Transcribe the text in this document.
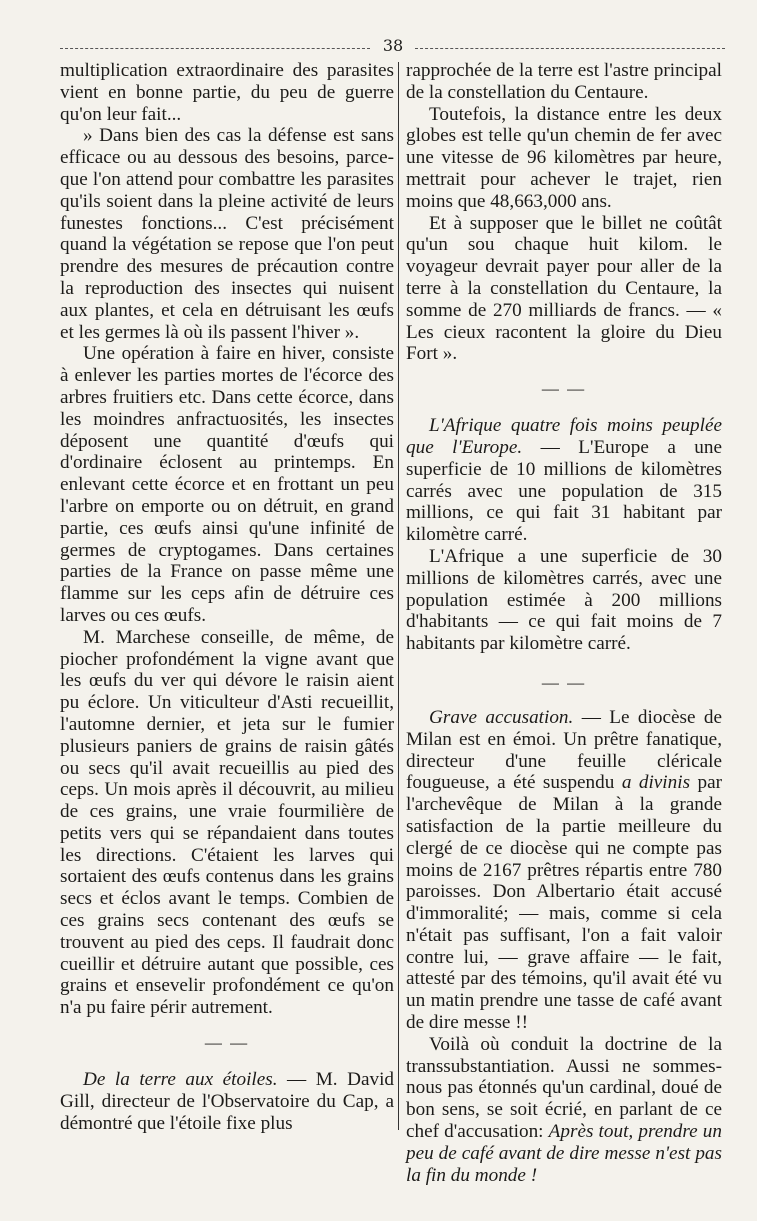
38

multiplication extraordinaire des parasites vient en bonne partie, du peu de guerre qu'on leur fait...

» Dans bien des cas la défense est sans efficace ou au dessous des besoins, parce-que l'on attend pour combattre les parasites qu'ils soient dans la pleine activité de leurs funestes fonctions... C'est précisément quand la végétation se repose que l'on peut prendre des mesures de précaution contre la reproduction des insectes qui nuisent aux plantes, et cela en détruisant les œufs et les germes là où ils passent l'hiver ».

Une opération à faire en hiver, consiste à enlever les parties mortes de l'écorce des arbres fruitiers etc. Dans cette écorce, dans les moindres anfractuosités, les insectes déposent une quantité d'œufs qui d'ordinaire éclosent au printemps. En enlevant cette écorce et en frottant un peu l'arbre on emporte ou on détruit, en grand partie, ces œufs ainsi qu'une infinité de germes de cryptogames. Dans certaines parties de la France on passe même une flamme sur les ceps afin de détruire ces larves ou ces œufs.

M. Marchese conseille, de même, de piocher profondément la vigne avant que les œufs du ver qui dévore le raisin aient pu éclore. Un viticulteur d'Asti recueillit, l'automne dernier, et jeta sur le fumier plusieurs paniers de grains de raisin gâtés ou secs qu'il avait recueillis au pied des ceps. Un mois après il découvrit, au milieu de ces grains, une vraie fourmilière de petits vers qui se répandaient dans toutes les directions. C'étaient les larves qui sortaient des œufs contenus dans les grains secs et éclos avant le temps. Combien de ces grains secs contenant des œufs se trouvent au pied des ceps. Il faudrait donc cueillir et détruire autant que possible, ces grains et ensevelir profondément ce qu'on n'a pu faire périr autrement.

— —

De la terre aux étoiles. — M. David Gill, directeur de l'Observatoire du Cap, a démontré que l'étoile fixe plus

rapprochée de la terre est l'astre principal de la constellation du Centaure.

Toutefois, la distance entre les deux globes est telle qu'un chemin de fer avec une vitesse de 96 kilomètres par heure, mettrait pour achever le trajet, rien moins que 48,663,000 ans.

Et à supposer que le billet ne coûtât qu'un sou chaque huit kilom. le voyageur devrait payer pour aller de la terre à la constellation du Centaure, la somme de 270 milliards de francs. — « Les cieux racontent la gloire du Dieu Fort ».

— —

L'Afrique quatre fois moins peuplée que l'Europe. — L'Europe a une superficie de 10 millions de kilomètres carrés avec une population de 315 millions, ce qui fait 31 habitant par kilomètre carré.

L'Afrique a une superficie de 30 millions de kilomètres carrés, avec une population estimée à 200 millions d'habitants — ce qui fait moins de 7 habitants par kilomètre carré.

— —

Grave accusation. — Le diocèse de Milan est en émoi. Un prêtre fanatique, directeur d'une feuille cléricale fougueuse, a été suspendu a divinis par l'archevêque de Milan à la grande satisfaction de la partie meilleure du clergé de ce diocèse qui ne compte pas moins de 2167 prêtres répartis entre 780 paroisses. Don Albertario était accusé d'immoralité; — mais, comme si cela n'était pas suffisant, l'on a fait valoir contre lui, — grave affaire — le fait, attesté par des témoins, qu'il avait été vu un matin prendre une tasse de café avant de dire messe !!

Voilà où conduit la doctrine de la transsubstantiation. Aussi ne sommes-nous pas étonnés qu'un cardinal, doué de bon sens, se soit écrié, en parlant de ce chef d'accusation: Après tout, prendre un peu de café avant de dire messe n'est pas la fin du monde !
